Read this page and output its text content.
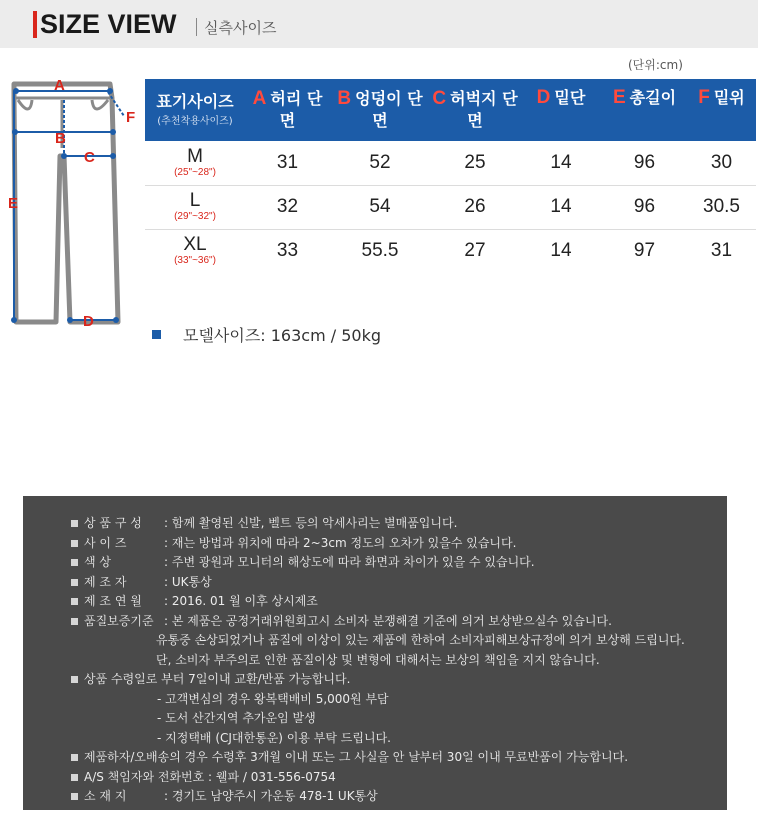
SIZE VIEW 실측사이즈
(단위:cm)
A
B
C
D
E
F
표기사이즈
(추천착용사이즈)	A 허리 단면	B 엉덩이 단면	C 허벅지 단면	D 밑단	E 총길이	F 밑위

M
(25"~28")	31	52	25	14	96	30

L
(29"~32")	32	54	26	14	96	30.5

XL
(33"~36")	33	55.5	27	14	97	31
모델사이즈: 163cm / 50kg
상 품 구 성 : 함께 촬영된 신발, 벨트 등의 악세사리는 별매품입니다.
사 이 즈	: 재는 방법과 위치에 따라 2~3cm 정도의 오차가 있을수 있습니다.
색 상	: 주변 광원과 모니터의 해상도에 따라 화면과 차이가 있을 수 있습니다.
제 조 자	: UK통상
제 조 연 월 : 2016. 01 월 이후 상시제조
품질보증기준 : 본 제품은 공정거래위원회고시 소비자 분쟁해결 기준에 의거 보상받으실수 있습니다.
유통중 손상되었거나 품질에 이상이 있는 제품에 한하여 소비자피해보상규정에 의거 보상해 드립니다.
단, 소비자 부주의로 인한 품질이상 및 변형에 대해서는 보상의 책임을 지지 않습니다.
상품 수령일로 부터 7일이내 교환/반품 가능합니다.
- 고객변심의 경우 왕복택배비 5,000원 부담
- 도서 산간지역 추가운임 발생
- 지정택배 (CJ대한통운) 이용 부탁 드립니다.
제품하자/오배송의 경우 수령후 3개월 이내 또는 그 사실을 안 날부터 30일 이내 무료반품이 가능합니다.
A/S 책임자와 전화번호 : 웰파 / 031-556-0754
소 재 지	: 경기도 남양주시 가운동 478-1 UK통상
